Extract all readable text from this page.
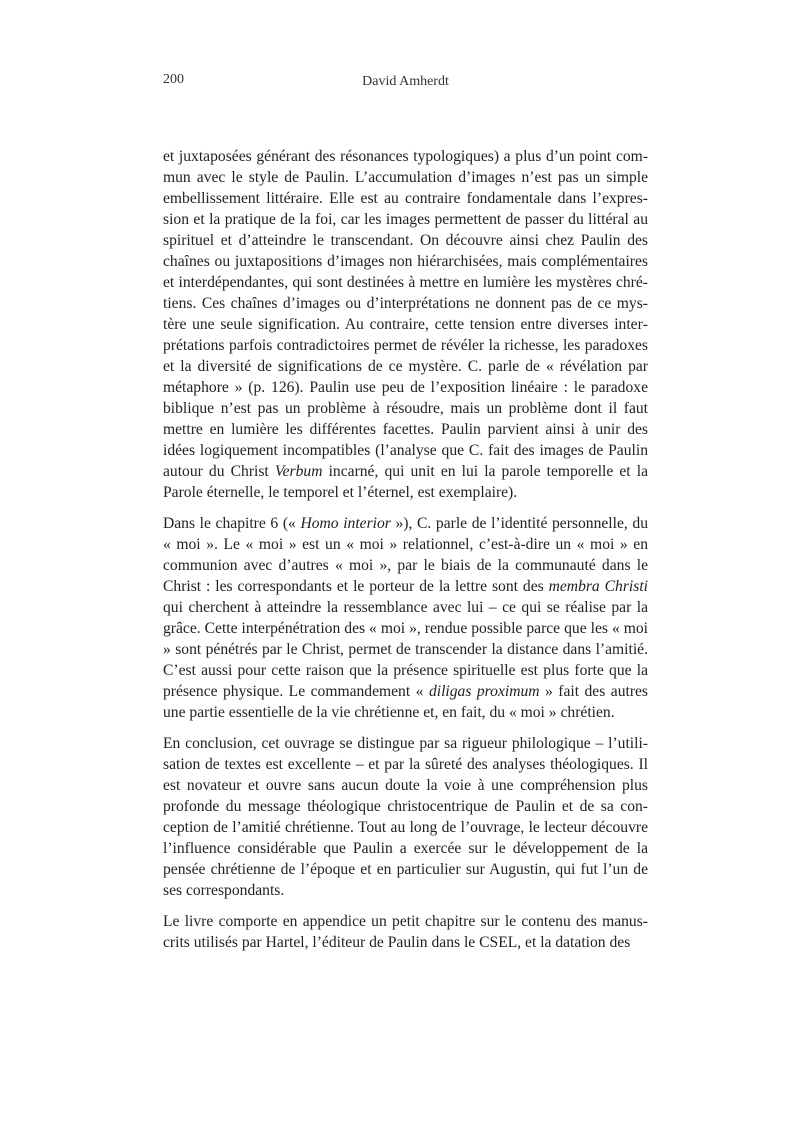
200	David Amherdt

et juxtaposées générant des résonances typologiques) a plus d’un point commun avec le style de Paulin. L’accumulation d’images n’est pas un simple embellissement littéraire. Elle est au contraire fondamentale dans l’expression et la pratique de la foi, car les images permettent de passer du littéral au spirituel et d’atteindre le transcendant. On découvre ainsi chez Paulin des chaînes ou juxtapositions d’images non hiérarchisées, mais complémentaires et interdépendantes, qui sont destinées à mettre en lumière les mystères chrétiens. Ces chaînes d’images ou d’interprétations ne donnent pas de ce mystère une seule signification. Au contraire, cette tension entre diverses interprétations parfois contradictoires permet de révéler la richesse, les paradoxes et la diversité de significations de ce mystère. C. parle de « révélation par métaphore » (p. 126). Paulin use peu de l’exposition linéaire : le paradoxe biblique n’est pas un problème à résoudre, mais un problème dont il faut mettre en lumière les différentes facettes. Paulin parvient ainsi à unir des idées logiquement incompatibles (l’analyse que C. fait des images de Paulin autour du Christ Verbum incarné, qui unit en lui la parole temporelle et la Parole éternelle, le temporel et l’éternel, est exemplaire).

Dans le chapitre 6 (« Homo interior »), C. parle de l’identité personnelle, du « moi ». Le « moi » est un « moi » relationnel, c’est-à-dire un « moi » en communion avec d’autres « moi », par le biais de la communauté dans le Christ : les correspondants et le porteur de la lettre sont des membra Christi qui cherchent à atteindre la ressemblance avec lui – ce qui se réalise par la grâce. Cette interpénétration des « moi », rendue possible parce que les « moi » sont pénétrés par le Christ, permet de transcender la distance dans l’amitié. C’est aussi pour cette raison que la présence spirituelle est plus forte que la présence physique. Le commandement « diligas proximum » fait des autres une partie essentielle de la vie chrétienne et, en fait, du « moi » chrétien.

En conclusion, cet ouvrage se distingue par sa rigueur philologique – l’utilisation de textes est excellente – et par la sûreté des analyses théologiques. Il est novateur et ouvre sans aucun doute la voie à une compréhension plus profonde du message théologique christocentrique de Paulin et de sa conception de l’amitié chrétienne. Tout au long de l’ouvrage, le lecteur découvre l’influence considérable que Paulin a exercée sur le développement de la pensée chrétienne de l’époque et en particulier sur Augustin, qui fut l’un de ses correspondants.

Le livre comporte en appendice un petit chapitre sur le contenu des manuscrits utilisés par Hartel, l’éditeur de Paulin dans le CSEL, et la datation des
